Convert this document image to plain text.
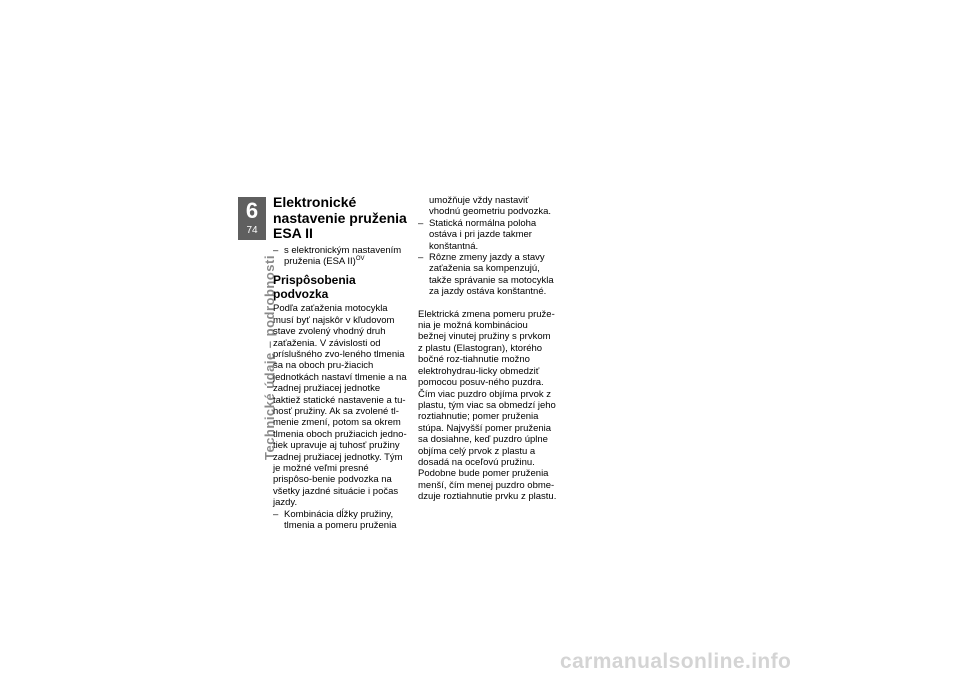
6
74
Technické údaje – podrobnosti
Elektronické nastavenie pruženia ESA II
– s elektronickým nastavením pruženia (ESA II)$^{OV}$
Prispôsobenia podvozka

Podľa zaťaženia motocykla musí byť najskôr v kľudovom stave zvolený vhodný druh zaťaženia. V závislosti od príslušného zvo-leného tlmenia sa na oboch pru-žiacich jednotkách nastaví tlmenie a na zadnej pružiacej jednotke taktiež statické nastavenie a tu-hosť pružiny. Ak sa zvolené tl-menie zmení, potom sa okrem tlmenia oboch pružiacich jedno-tiek upravuje aj tuhosť pružiny zadnej pružiacej jednotky. Tým je možné veľmi presné prispôso-benie podvozka na všetky jazdné situácie i počas jazdy.

– Kombinácia dĺžky pružiny, tlmenia a pomeru pruženia

umožňuje vždy nastaviť vhodnú geometriu podvozka.

– Statická normálna poloha ostáva i pri jazde takmer konštantná.
– Rôzne zmeny jazdy a stavy zaťaženia sa kompenzujú, takže správanie sa motocykla za jazdy ostáva konštantné.

Elektrická zmena pomeru pruže-nia je možná kombináciou bežnej vinutej pružiny s prvkom z plastu (Elastogran), ktorého bočné roz-tiahnutie možno elektrohydrau-licky obmedziť pomocou posuv-ného puzdra. Čím viac puzdro objíma prvok z plastu, tým viac sa obmedzí jeho roztiahnutie; pomer pruženia stúpa. Najvyšší pomer pruženia sa dosiahne, keď puzdro úplne objíma celý prvok z plastu a dosadá na oceľovú pružinu. Podobne bude pomer pruženia menší, čím menej puzdro obme-dzuje roztiahnutie prvku z plastu.

carmanualsonline.info
